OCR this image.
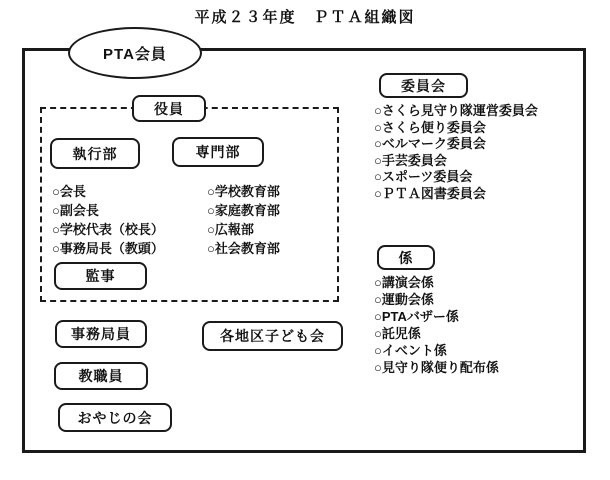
平成２３年度　ＰＴＡ組織図
PTA会員
役員
執行部	専門部
○会長
○副会長
○学校代表（校長）
○事務局長（教頭）
○学校教育部
○家庭教育部
○広報部
○社会教育部
監事
委員会
○さくら見守り隊運営委員会
○さくら便り委員会
○ベルマーク委員会
○手芸委員会
○スポーツ委員会
○ＰＴＡ図書委員会
係
○講演会係
○運動会係
○PTAバザー係
○託児係
○イベント係
○見守り隊便り配布係
事務局員	各地区子ども会
教職員
おやじの会
